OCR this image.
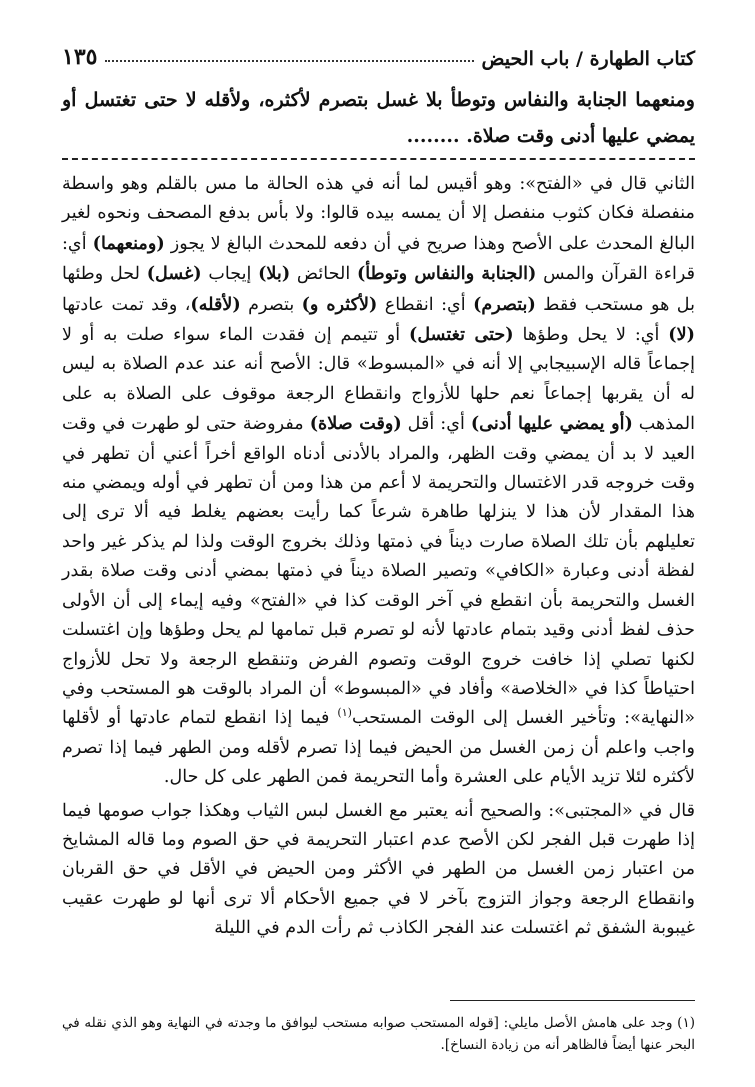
كتاب الطهارة / باب الحيض
١٣٥
ومنعهما الجنابة والنفاس وتوطأ بلا غسل بتصرم لأكثره، ولأقله لا حتى تغتسل أو يمضي عليها أدنى وقت صلاة. ........

الثاني قال في «الفتح»: وهو أقيس لما أنه في هذه الحالة ما مس بالقلم وهو واسطة منفصلة فكان كثوب منفصل إلا أن يمسه بيده قالوا: ولا بأس بدفع المصحف ونحوه لغير البالغ المحدث على الأصح وهذا صريح في أن دفعه للمحدث البالغ لا يجوز (ومنعهما) أي: قراءة القرآن والمس (الجنابة والنفاس وتوطأ) الحائض (بلا) إيجاب (غسل) لحل وطئها بل هو مستحب فقط (بتصرم) أي: انقطاع (لأكثره و) بتصرم (لأقله)، وقد تمت عادتها (لا) أي: لا يحل وطؤها (حتى تغتسل) أو تتيمم إن فقدت الماء سواء صلت به أو لا إجماعاً قاله الإسبيجابي إلا أنه في «المبسوط» قال: الأصح أنه عند عدم الصلاة به ليس له أن يقربها إجماعاً نعم حلها للأزواج وانقطاع الرجعة موقوف على الصلاة به على المذهب (أو يمضي عليها أدنى) أي: أقل (وقت صلاة) مفروضة حتى لو طهرت في وقت العيد لا بد أن يمضي وقت الظهر، والمراد بالأدنى أدناه الواقع أخراً أعني أن تطهر في وقت خروجه قدر الاغتسال والتحريمة لا أعم من هذا ومن أن تطهر في أوله ويمضي منه هذا المقدار لأن هذا لا ينزلها طاهرة شرعاً كما رأيت بعضهم يغلط فيه ألا ترى إلى تعليلهم بأن تلك الصلاة صارت ديناً في ذمتها وذلك بخروج الوقت ولذا لم يذكر غير واحد لفظة أدنى وعبارة «الكافي» وتصير الصلاة ديناً في ذمتها بمضي أدنى وقت صلاة بقدر الغسل والتحريمة بأن انقطع في آخر الوقت كذا في «الفتح» وفيه إيماء إلى أن الأولى حذف لفظ أدنى وقيد بتمام عادتها لأنه لو تصرم قبل تمامها لم يحل وطؤها وإن اغتسلت لكنها تصلي إذا خافت خروج الوقت وتصوم الفرض وتنقطع الرجعة ولا تحل للأزواج احتياطاً كذا في «الخلاصة» وأفاد في «المبسوط» أن المراد بالوقت هو المستحب وفي «النهاية»: وتأخير الغسل إلى الوقت المستحب$^{(١)}$ فيما إذا انقطع لتمام عادتها أو لأقلها واجب واعلم أن زمن الغسل من الحيض فيما إذا تصرم لأقله ومن الطهر فيما إذا تصرم لأكثره لئلا تزيد الأيام على العشرة وأما التحريمة فمن الطهر على كل حال.

قال في «المجتبى»: والصحيح أنه يعتبر مع الغسل لبس الثياب وهكذا جواب صومها فيما إذا طهرت قبل الفجر لكن الأصح عدم اعتبار التحريمة في حق الصوم وما قاله المشايخ من اعتبار زمن الغسل من الطهر في الأكثر ومن الحيض في الأقل في حق القربان وانقطاع الرجعة وجواز التزوج بآخر لا في جميع الأحكام ألا ترى أنها لو طهرت عقيب غيبوبة الشفق ثم اغتسلت عند الفجر الكاذب ثم رأت الدم في الليلة

(١) وجد على هامش الأصل مايلي: [قوله المستحب صوابه مستحب ليوافق ما وجدته في النهاية وهو الذي نقله في البحر عنها أيضاً فالظاهر أنه من زيادة النساخ].
